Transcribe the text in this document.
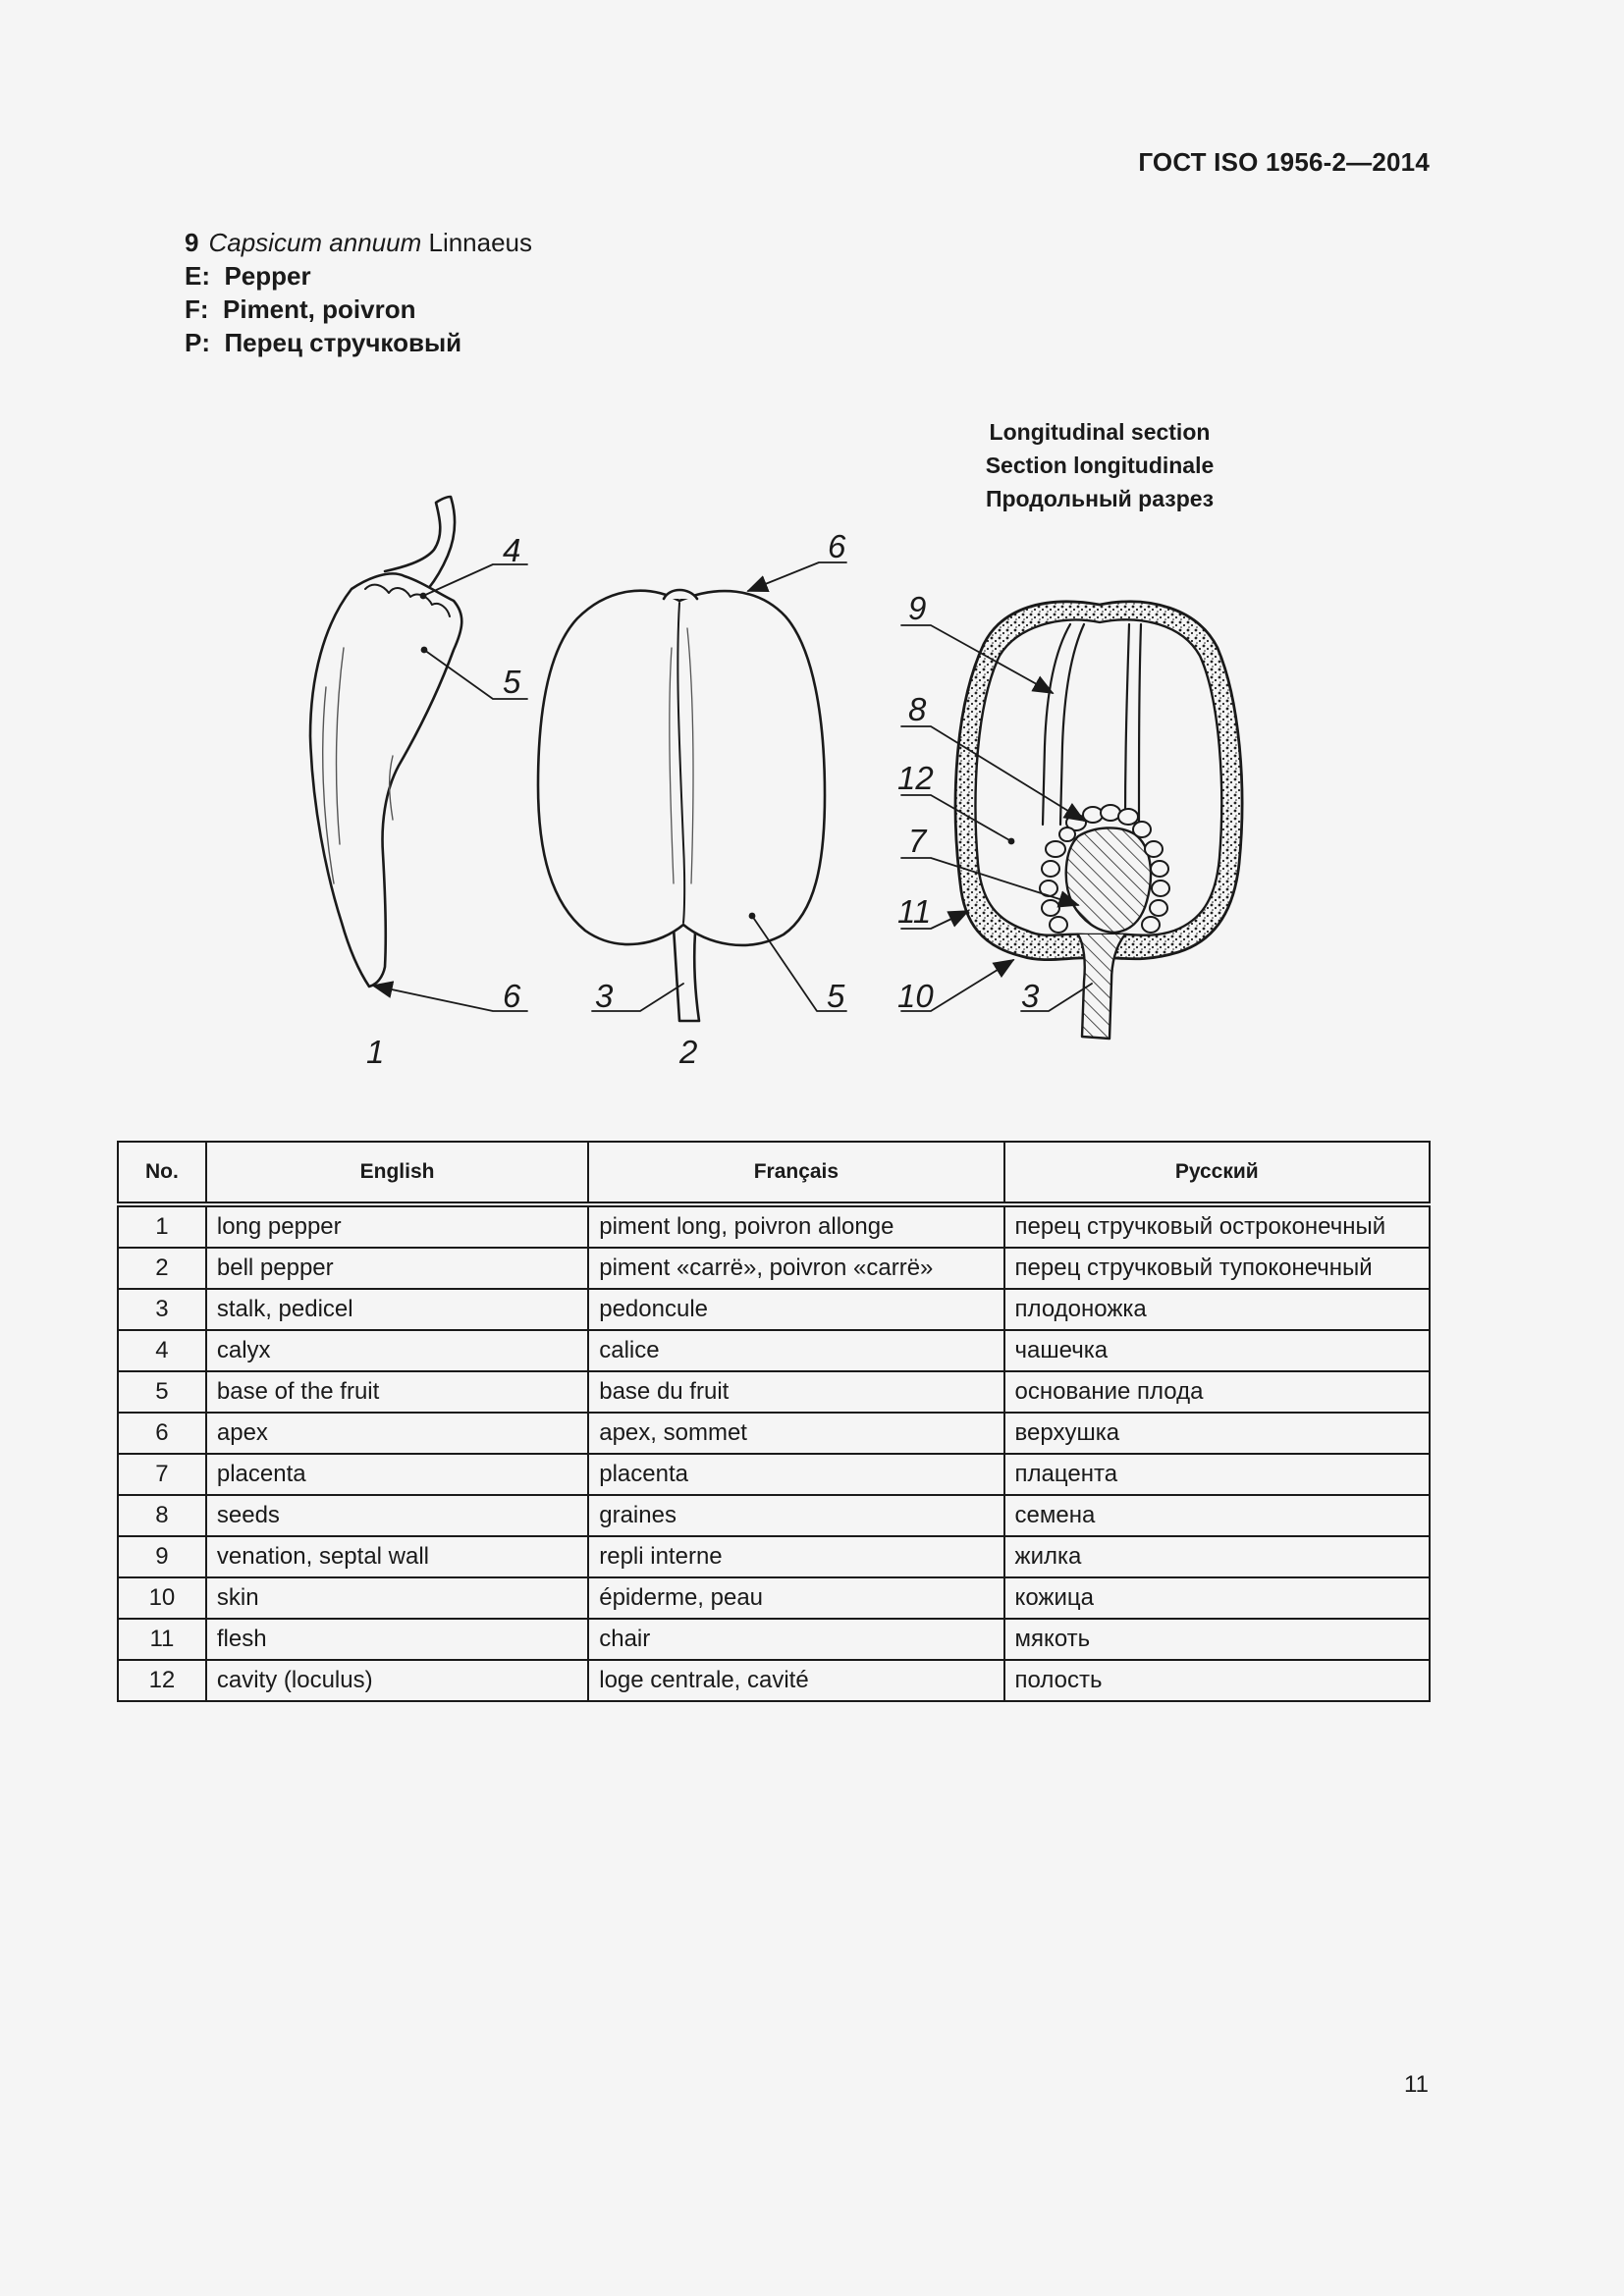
ГОСТ ISO 1956-2—2014
9 Capsicum annuum Linnaeus
E: Pepper
F: Piment, poivron
P: Перец стручковый
Longitudinal section
Section longitudinale
Продольный разрез
4
5
6
6
3	5
9
8
12
7
11
10	3
1	2
No.	English	Français	Русский
1	long pepper	piment long, poivron allonge	перец стручковый остроконечный
2	bell pepper	piment «carrё», poivron «carrё»	перец стручковый тупоконечный
3	stalk, pedicel	pedoncule	плодоножка
4	calyx	calice	чашечка
5	base of the fruit	base du fruit	основание плода
6	apex	apex, sommet	верхушка
7	placenta	placenta	плацента
8	seeds	graines	семена
9	venation, septal wall	repli interne	жилка
10	skin	épiderme, peau	кожица
11	flesh	chair	мякоть
12	cavity (loculus)	loge centrale, cavité	полость
11
